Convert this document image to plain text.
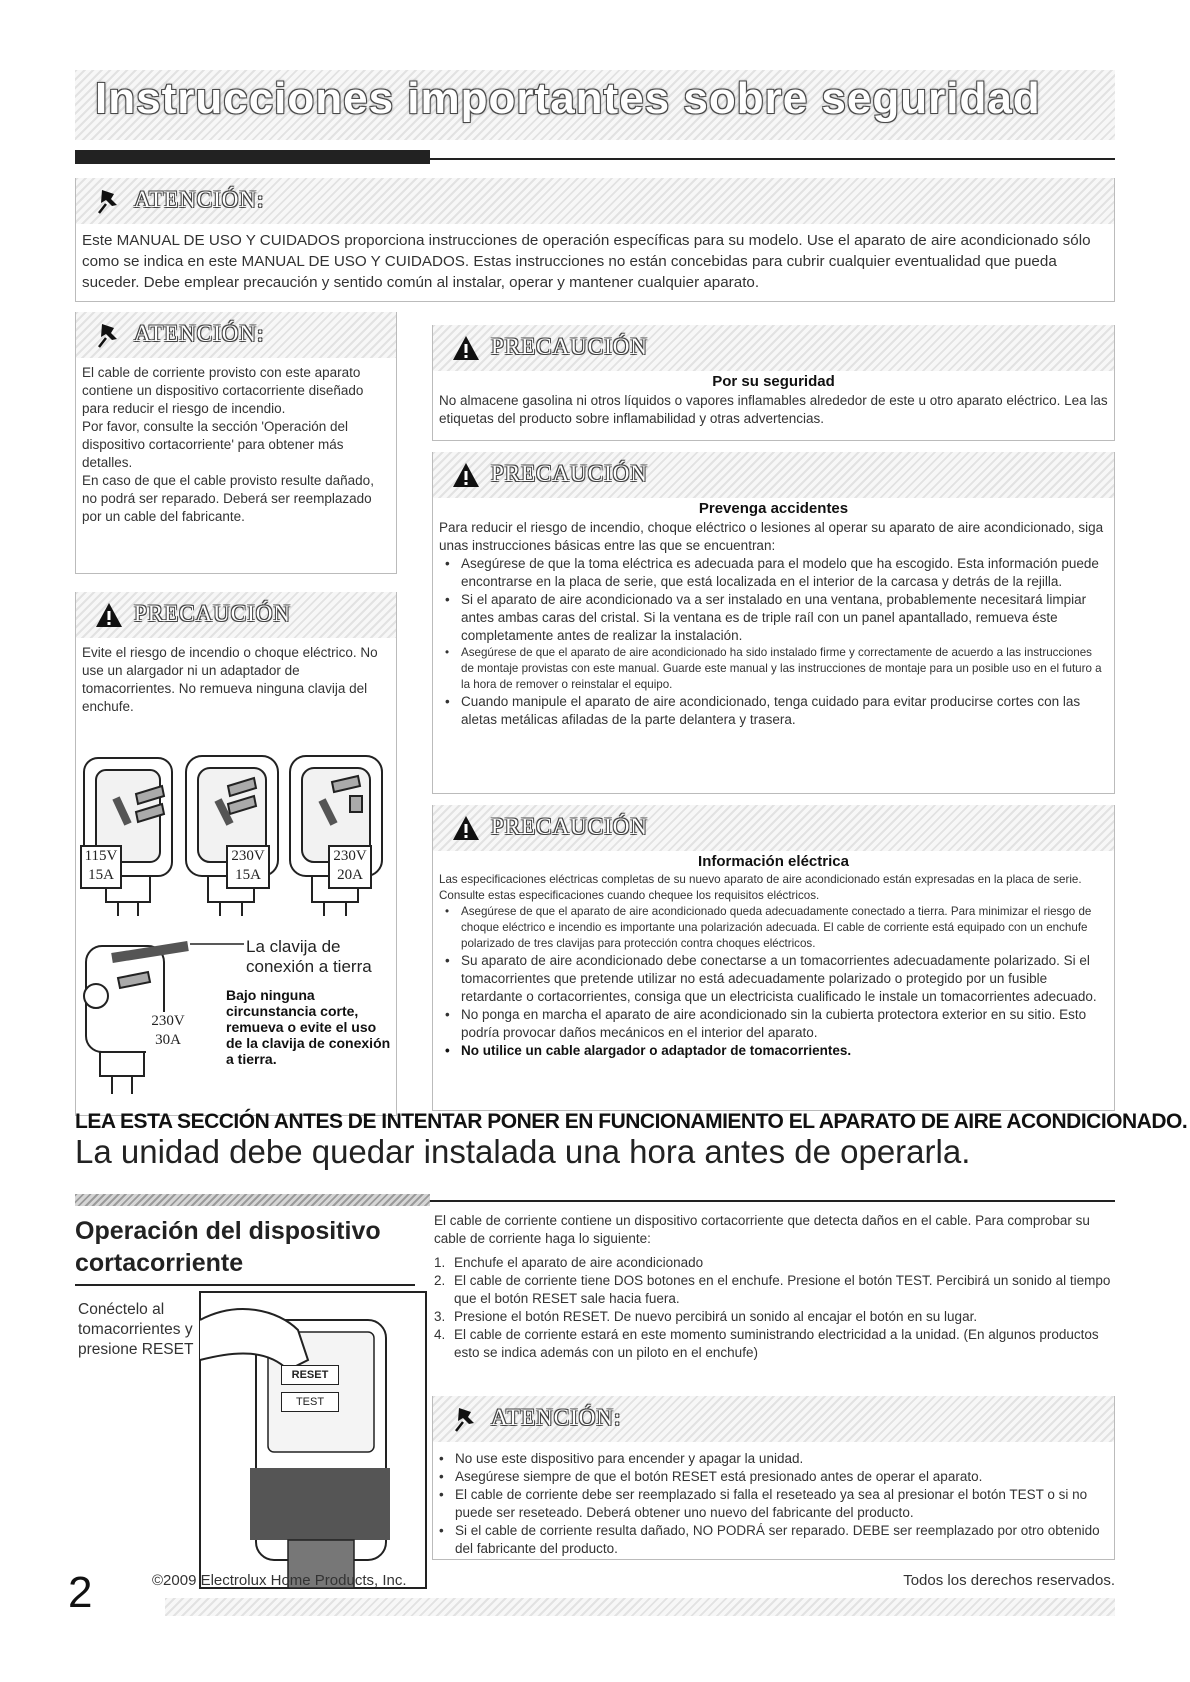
Instrucciones importantes sobre seguridad
ATENCIÓN:
Este MANUAL DE USO Y CUIDADOS proporciona instrucciones de operación específicas para su modelo. Use el aparato de aire acondicionado sólo como se indica en este MANUAL DE USO Y CUIDADOS. Estas instrucciones no están concebidas para cubrir cualquier eventualidad que pueda suceder. Debe emplear precaución y sentido común al instalar, operar y mantener cualquier aparato.
ATENCIÓN:
El cable de corriente provisto con este aparato contiene un dispositivo cortacorriente diseñado para reducir el riesgo de incendio.
Por favor, consulte la sección 'Operación del dispositivo cortacorriente' para obtener más detalles.
En caso de que el cable provisto resulte dañado, no podrá ser reparado. Deberá ser reemplazado por un cable del fabricante.
PRECAUCIÓN
Evite el riesgo de incendio o choque eléctrico. No use un alargador ni un adaptador de tomacorrientes. No remueva ninguna clavija del enchufe.
115V
15A
230V
15A
230V
20A
230V
30A
La clavija de
conexión a tierra
Bajo ninguna circunstancia corte, remueva o evite el uso de la clavija de conexión a tierra.
PRECAUCIÓN
Por su seguridad
No almacene gasolina ni otros líquidos o vapores inflamables alrededor de este u otro aparato eléctrico. Lea las etiquetas del producto sobre inflamabilidad y otras advertencias.
PRECAUCIÓN
Prevenga accidentes
Para reducir el riesgo de incendio, choque eléctrico o lesiones al operar su aparato de aire acondicionado, siga unas instrucciones básicas entre las que se encuentran:
• Asegúrese de que la toma eléctrica es adecuada para el modelo que ha escogido. Esta información puede encontrarse en la placa de serie, que está localizada en el interior de la carcasa y detrás de la rejilla.
• Si el aparato de aire acondicionado va a ser instalado en una ventana, probablemente necesitará limpiar antes ambas caras del cristal. Si la ventana es de triple raíl con un panel apantallado, remueva éste completamente antes de realizar la instalación.
• Asegúrese de que el aparato de aire acondicionado ha sido instalado firme y correctamente de acuerdo a las instrucciones de montaje provistas con este manual. Guarde este manual y las instrucciones de montaje para un posible uso en el futuro a la hora de remover o reinstalar el equipo.
• Cuando manipule el aparato de aire acondicionado, tenga cuidado para evitar producirse cortes con las aletas metálicas afiladas de la parte delantera y trasera.
PRECAUCIÓN
Información eléctrica
Las especificaciones eléctricas completas de su nuevo aparato de aire acondicionado están expresadas en la placa de serie. Consulte estas especificaciones cuando chequee los requisitos eléctricos.
• Asegúrese de que el aparato de aire acondicionado queda adecuadamente conectado a tierra. Para minimizar el riesgo de choque eléctrico e incendio es importante una polarización adecuada. El cable de corriente está equipado con un enchufe polarizado de tres clavijas para protección contra choques eléctricos.
• Su aparato de aire acondicionado debe conectarse a un tomacorrientes adecuadamente polarizado. Si el tomacorrientes que pretende utilizar no está adecuadamente polarizado o protegido por un fusible retardante o cortacorrientes, consiga que un electricista cualificado le instale un tomacorrientes adecuado.
• No ponga en marcha el aparato de aire acondicionado sin la cubierta protectora exterior en su sitio. Esto podría provocar daños mecánicos en el interior del aparato.
• No utilice un cable alargador o adaptador de tomacorrientes.
LEA ESTA SECCIÓN ANTES DE INTENTAR PONER EN FUNCIONAMIENTO EL APARATO DE AIRE ACONDICIONADO.
La unidad debe quedar instalada una hora antes de operarla.
Operación del dispositivo cortacorriente
Conéctelo al tomacorrientes y presione RESET
RESET
TEST
El cable de corriente contiene un dispositivo cortacorriente que detecta daños en el cable. Para comprobar su cable de corriente haga lo siguiente:
1. Enchufe el aparato de aire acondicionado
2. El cable de corriente tiene DOS botones en el enchufe. Presione el botón TEST. Percibirá un sonido al tiempo que el botón RESET sale hacia fuera.
3. Presione el botón RESET. De nuevo percibirá un sonido al encajar el botón en su lugar.
4. El cable de corriente estará en este momento suministrando electricidad a la unidad. (En algunos productos esto se indica además con un piloto en el enchufe)
ATENCIÓN:
• No use este dispositivo para encender y apagar la unidad.
• Asegúrese siempre de que el botón RESET está presionado antes de operar el aparato.
• El cable de corriente debe ser reemplazado si falla el reseteado ya sea al presionar el botón TEST o si no puede ser reseteado. Deberá obtener uno nuevo del fabricante del producto.
• Si el cable de corriente resulta dañado, NO PODRÁ ser reparado. DEBE ser reemplazado por otro obtenido del fabricante del producto.
2	©2009 Electrolux Home Products, Inc.	Todos los derechos reservados.
